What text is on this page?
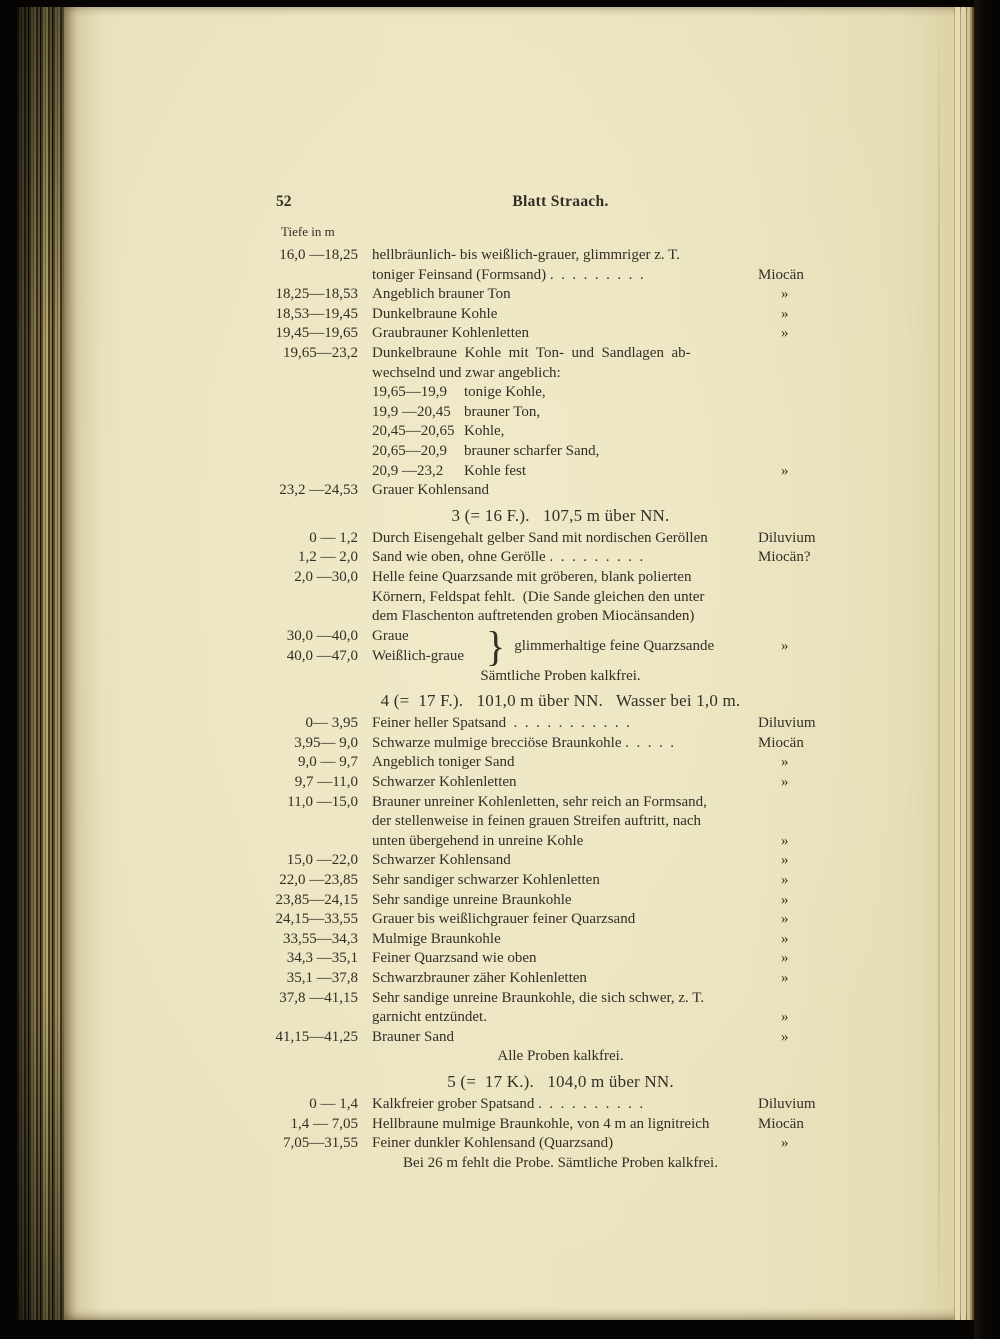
52	Blatt Straach.
Tiefe in m
16,0 —18,25 hellbräunlich- bis weißlich-grauer, glimmriger z. T.
toniger Feinsand (Formsand) .  .  .  .  .  .  .  .  .	Miocän
18,25—18,53 Angeblich brauner Ton	»
18,53—19,45 Dunkelbraune Kohle	»
19,45—19,65 Graubrauner Kohlenletten	»
19,65—23,2 Dunkelbraune  Kohle  mit  Ton-  und  Sandlagen  ab-
wechselnd und zwar angeblich:
19,65—19,9 tonige Kohle,
19,9 —20,45 brauner Ton,
20,45—20,65 Kohle,
20,65—20,9 brauner scharfer Sand,
20,9 —23,2 Kohle fest	»
23,2 —24,53 Grauer Kohlensand
3 (= 16 F.).   107,5 m über NN.
0 — 1,2 Durch Eisengehalt gelber Sand mit nordischen Geröllen	Diluvium
1,2 — 2,0 Sand wie oben, ohne Gerölle .  .  .  .  .  .  .  .  .	Miocän?
2,0 —30,0 Helle feine Quarzsande mit gröberen, blank polierten
Körnern, Feldspat fehlt.  (Die Sande gleichen den unter
dem Flaschenton auftretenden groben Miocänsanden)
30,0 —40,0 Graue
40,0 —47,0 Weißlich-graue } glimmerhaltige feine Quarzsande	»
Sämtliche Proben kalkfrei.
4 (=  17 F.).   101,0 m über NN.   Wasser bei 1,0 m.
0— 3,95 Feiner heller Spatsand  .  .  .  .  .  .  .  .  .  .  .	Diluvium
3,95— 9,0 Schwarze mulmige brecciöse Braunkohle .  .  .  .  .	Miocän
9,0 — 9,7 Angeblich toniger Sand	»
9,7 —11,0 Schwarzer Kohlenletten	»
11,0 —15,0 Brauner unreiner Kohlenletten, sehr reich an Formsand,
der stellenweise in feinen grauen Streifen auftritt, nach
unten übergehend in unreine Kohle	»
15,0 —22,0 Schwarzer Kohlensand	»
22,0 —23,85 Sehr sandiger schwarzer Kohlenletten	»
23,85—24,15 Sehr sandige unreine Braunkohle	»
24,15—33,55 Grauer bis weißlichgrauer feiner Quarzsand	»
33,55—34,3 Mulmige Braunkohle	»
34,3 —35,1 Feiner Quarzsand wie oben	»
35,1 —37,8 Schwarzbrauner zäher Kohlenletten	»
37,8 —41,15 Sehr sandige unreine Braunkohle, die sich schwer, z. T.
garnicht entzündet.	»
41,15—41,25 Brauner Sand	»
Alle Proben kalkfrei.
5 (=  17 K.).   104,0 m über NN.
0 — 1,4 Kalkfreier grober Spatsand .  .  .  .  .  .  .  .  .  .	Diluvium
1,4 — 7,05 Hellbraune mulmige Braunkohle, von 4 m an lignitreich	Miocän
7,05—31,55 Feiner dunkler Kohlensand (Quarzsand)	»
Bei 26 m fehlt die Probe. Sämtliche Proben kalkfrei.
